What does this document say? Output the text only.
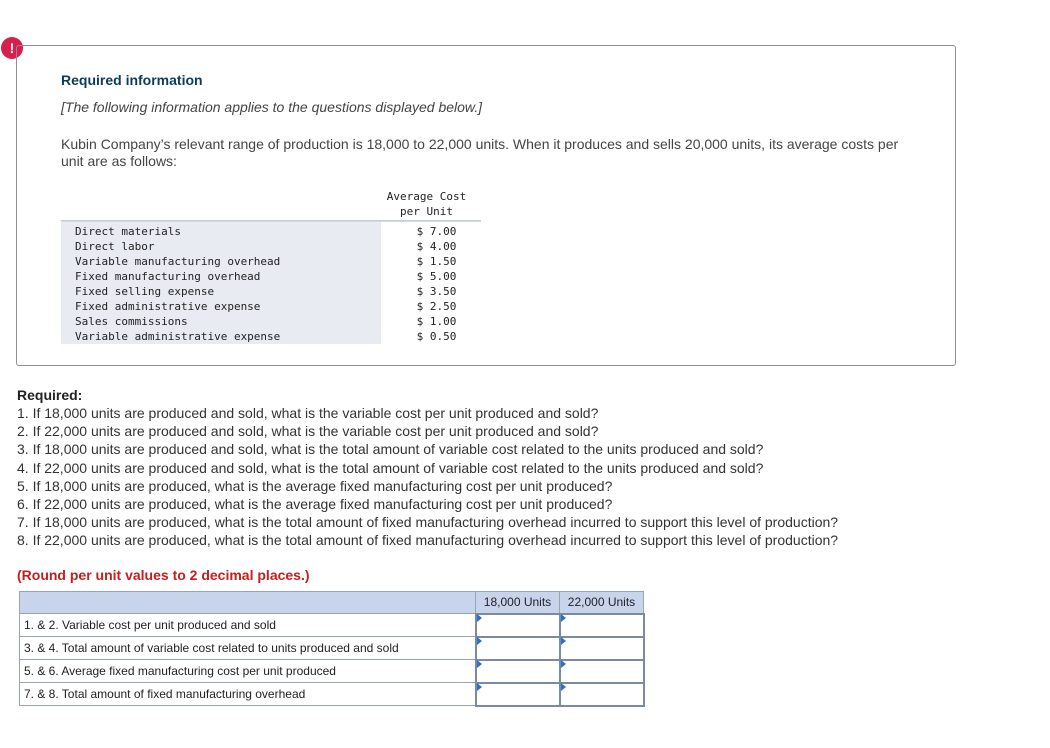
!
Required information
[The following information applies to the questions displayed below.]
Kubin Company’s relevant range of production is 18,000 to 22,000 units. When it produces and sells 20,000 units, its average costs per unit are as follows:
Average Cost
per Unit

Direct materials		$ 7.00	
Direct labor		$ 4.00	
Variable manufacturing overhead		$ 1.50	
Fixed manufacturing overhead		$ 5.00	
Fixed selling expense		$ 3.50	
Fixed administrative expense		$ 2.50	
Sales commissions		$ 1.00	
Variable administrative expense		$ 0.50	
Required:
1. If 18,000 units are produced and sold, what is the variable cost per unit produced and sold?
2. If 22,000 units are produced and sold, what is the variable cost per unit produced and sold?
3. If 18,000 units are produced and sold, what is the total amount of variable cost related to the units produced and sold?
4. If 22,000 units are produced and sold, what is the total amount of variable cost related to the units produced and sold?
5. If 18,000 units are produced, what is the average fixed manufacturing cost per unit produced?
6. If 22,000 units are produced, what is the average fixed manufacturing cost per unit produced?
7. If 18,000 units are produced, what is the total amount of fixed manufacturing overhead incurred to support this level of production?
8. If 22,000 units are produced, what is the total amount of fixed manufacturing overhead incurred to support this level of production?
(Round per unit values to 2 decimal places.)
	18,000 Units	22,000 Units
1. & 2. Variable cost per unit produced and sold	

3. & 4. Total amount of variable cost related to units produced and sold	

5. & 6. Average fixed manufacturing cost per unit produced	

7. & 8. Total amount of fixed manufacturing overhead	
